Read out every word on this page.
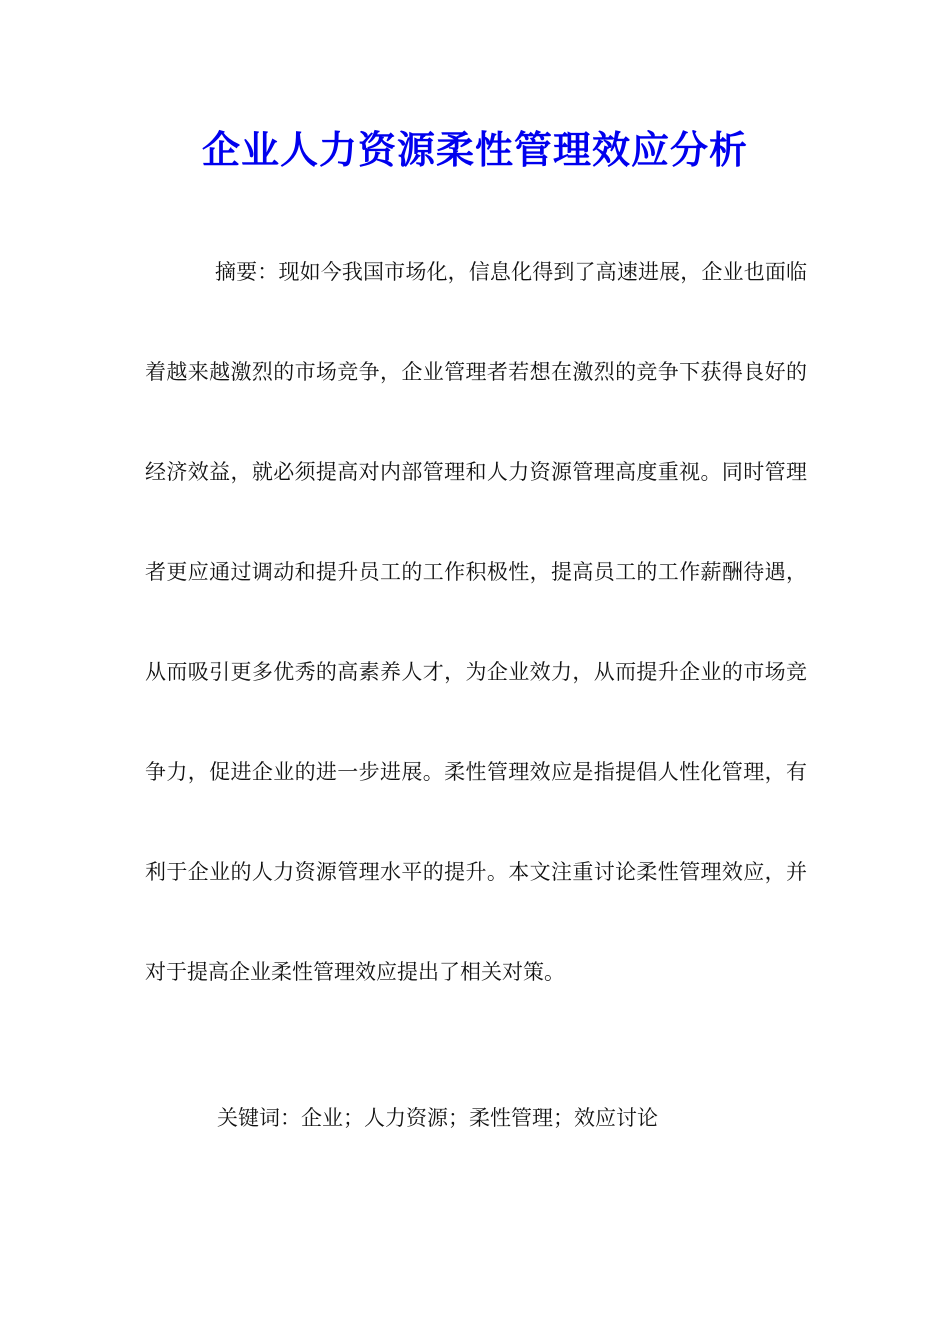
企业人力资源柔性管理效应分析

摘要：现如今我国市场化，信息化得到了高速进展，企业也面临着越来越激烈的市场竞争，企业管理者若想在激烈的竞争下获得良好的经济效益，就必须提高对内部管理和人力资源管理高度重视。同时管理者更应通过调动和提升员工的工作积极性，提高员工的工作薪酬待遇，从而吸引更多优秀的高素养人才，为企业效力，从而提升企业的市场竞争力，促进企业的进一步进展。柔性管理效应是指提倡人性化管理，有利于企业的人力资源管理水平的提升。本文注重讨论柔性管理效应，并对于提高企业柔性管理效应提出了相关对策。

关键词：企业；人力资源；柔性管理；效应讨论
